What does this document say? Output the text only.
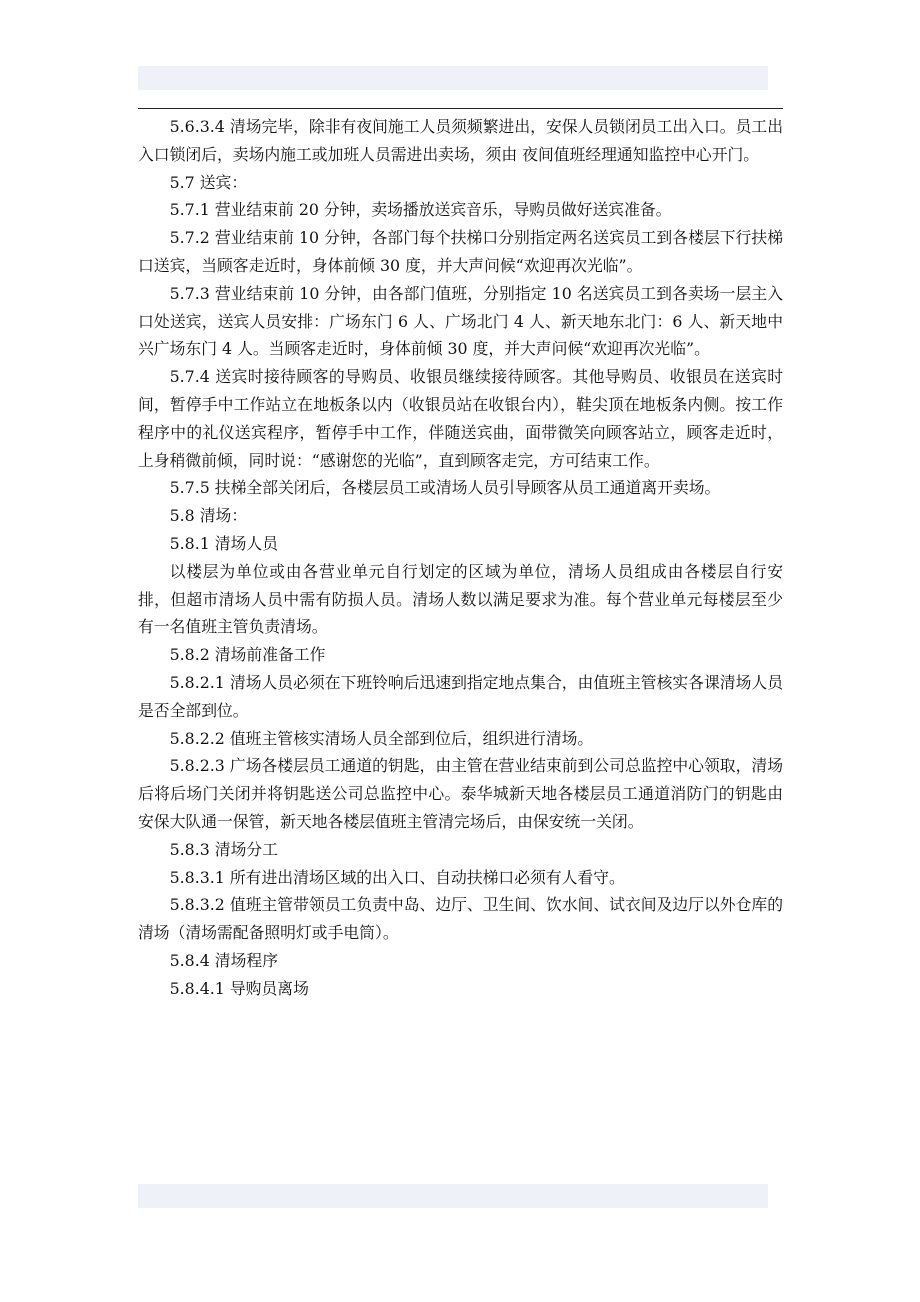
5.6.3.4 清场完毕，除非有夜间施工人员须频繁进出，安保人员锁闭员工出入口。员工出入口锁闭后，卖场内施工或加班人员需进出卖场，须由 夜间值班经理通知监控中心开门。

5.7 送宾：

5.7.1 营业结束前 20 分钟，卖场播放送宾音乐，导购员做好送宾准备。

5.7.2 营业结束前 10 分钟，各部门每个扶梯口分别指定两名送宾员工到各楼层下行扶梯口送宾，当顾客走近时，身体前倾 30 度，并大声问候“欢迎再次光临”。

5.7.3 营业结束前 10 分钟，由各部门值班，分别指定 10 名送宾员工到各卖场一层主入口处送宾，送宾人员安排：广场东门 6 人、广场北门 4 人、新天地东北门：6 人、新天地中兴广场东门 4 人。当顾客走近时，身体前倾 30 度，并大声问候“欢迎再次光临”。

5.7.4 送宾时接待顾客的导购员、收银员继续接待顾客。其他导购员、收银员在送宾时间，暂停手中工作站立在地板条以内（收银员站在收银台内），鞋尖顶在地板条内侧。按工作程序中的礼仪送宾程序，暂停手中工作，伴随送宾曲，面带微笑向顾客站立，顾客走近时，上身稍微前倾，同时说：“感谢您的光临”，直到顾客走完，方可结束工作。

5.7.5 扶梯全部关闭后，各楼层员工或清场人员引导顾客从员工通道离开卖场。

5.8 清场：

5.8.1 清场人员

以楼层为单位或由各营业单元自行划定的区域为单位，清场人员组成由各楼层自行安排，但超市清场人员中需有防损人员。清场人数以满足要求为准。每个营业单元每楼层至少有一名值班主管负责清场。

5.8.2 清场前准备工作

5.8.2.1 清场人员必须在下班铃响后迅速到指定地点集合，由值班主管核实各课清场人员是否全部到位。

5.8.2.2 值班主管核实清场人员全部到位后，组织进行清场。

5.8.2.3 广场各楼层员工通道的钥匙，由主管在营业结束前到公司总监控中心领取，清场后将后场门关闭并将钥匙送公司总监控中心。泰华城新天地各楼层员工通道消防门的钥匙由安保大队通一保管，新天地各楼层值班主管清完场后，由保安统一关闭。

5.8.3 清场分工

5.8.3.1 所有进出清场区域的出入口、自动扶梯口必须有人看守。

5.8.3.2 值班主管带领员工负责中岛、边厅、卫生间、饮水间、试衣间及边厅以外仓库的清场（清场需配备照明灯或手电筒）。

5.8.4 清场程序

5.8.4.1 导购员离场
